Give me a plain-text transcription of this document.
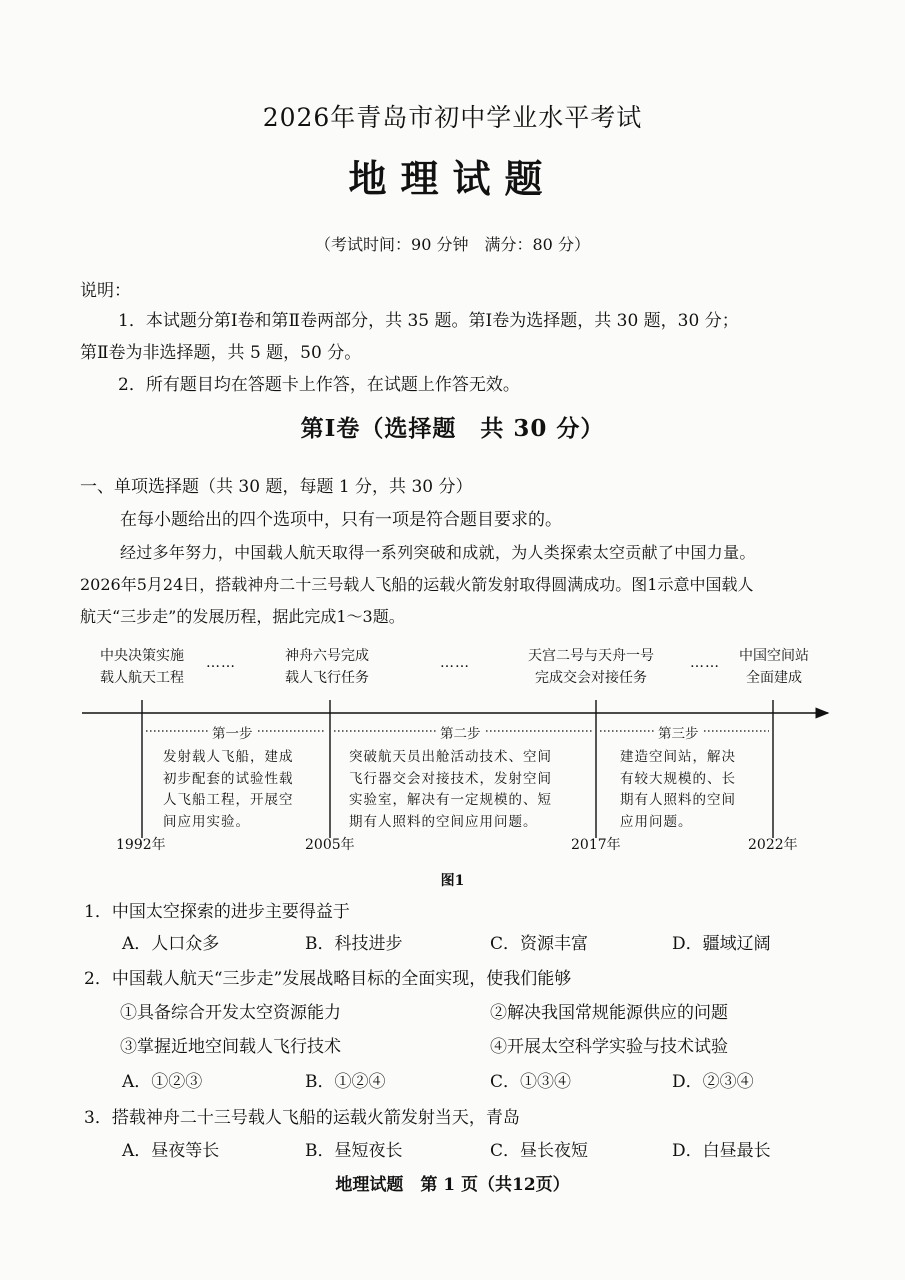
2026年青岛市初中学业水平考试
地理试题
（考试时间：90 分钟　满分：80 分）
说明：
1．本试题分第Ⅰ卷和第Ⅱ卷两部分，共 35 题。第Ⅰ卷为选择题，共 30 题，30 分；
第Ⅱ卷为非选择题，共 5 题，50 分。
2．所有题目均在答题卡上作答，在试题上作答无效。
第Ⅰ卷（选择题　共 30 分）
一、单项选择题（共 30 题，每题 1 分，共 30 分）
在每小题给出的四个选项中，只有一项是符合题目要求的。
经过多年努力，中国载人航天取得一系列突破和成就，为人类探索太空贡献了中国力量。
2026年5月24日，搭载神舟二十三号载人飞船的运载火箭发射取得圆满成功。图1示意中国载人
航天“三步走”的发展历程，据此完成1～3题。
中央决策实施
载人航天工程
……	神舟六号完成
载人飞行任务
……	天宫二号与天舟一号
完成交会对接任务
……	中国空间站
全面建成
第一步	第二步	第三步
发射载人飞船，建成
初步配套的试验性载
人飞船工程，开展空
间应用实验。
突破航天员出舱活动技术、空间
飞行器交会对接技术，发射空间
实验室，解决有一定规模的、短
期有人照料的空间应用问题。
建造空间站，解决
有较大规模的、长
期有人照料的空间
应用问题。
1992年	2005年	2017年	2022年
图1
1．中国太空探索的进步主要得益于
A．人口众多	B．科技进步	C．资源丰富	D．疆域辽阔
2．中国载人航天“三步走”发展战略目标的全面实现，使我们能够
①具备综合开发太空资源能力	②解决我国常规能源供应的问题
③掌握近地空间载人飞行技术	④开展太空科学实验与技术试验
A．①②③	B．①②④	C．①③④	D．②③④
3．搭载神舟二十三号载人飞船的运载火箭发射当天，青岛
A．昼夜等长	B．昼短夜长	C．昼长夜短	D．白昼最长
地理试题　第 1 页（共12页）
